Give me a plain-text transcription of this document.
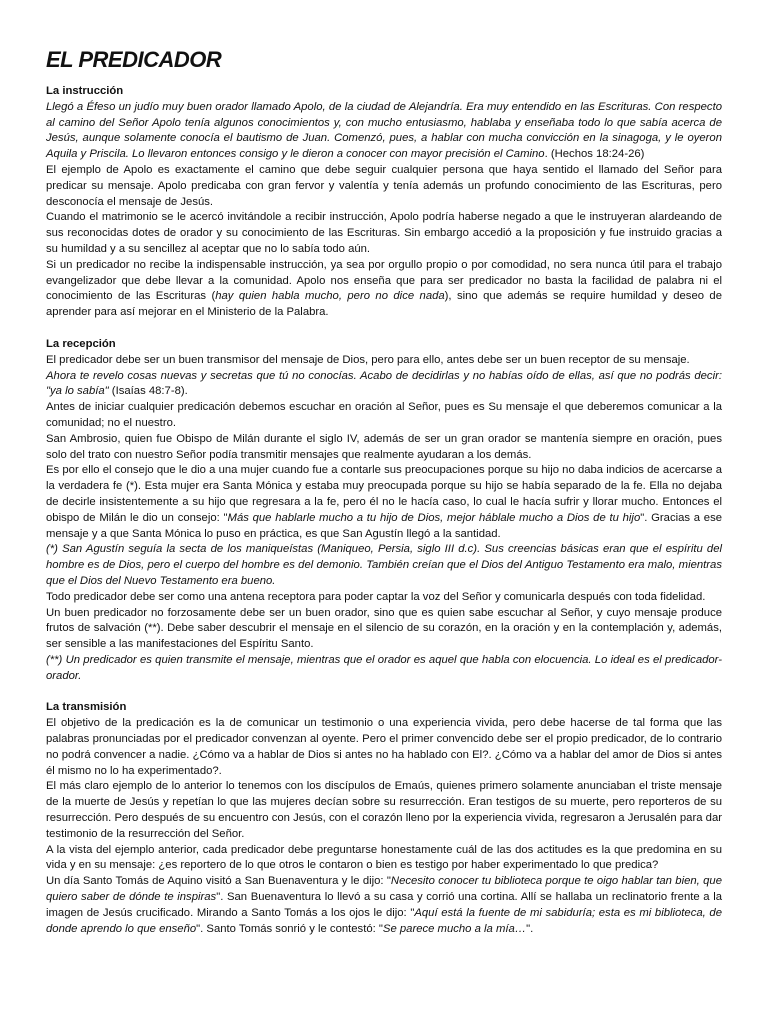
EL PREDICADOR
La instrucción

Llegó a Éfeso un judío muy buen orador llamado Apolo, de la ciudad de Alejandría. Era muy entendido en las Escrituras. Con respecto al camino del Señor Apolo tenía algunos conocimientos y, con mucho entusiasmo, hablaba y enseñaba todo lo que sabía acerca de Jesús, aunque solamente conocía el bautismo de Juan. Comenzó, pues, a hablar con mucha convicción en la sinagoga, y le oyeron Aquila y Priscila. Lo llevaron entonces consigo y le dieron a conocer con mayor precisión el Camino. (Hechos 18:24-26)

El ejemplo de Apolo es exactamente el camino que debe seguir cualquier persona que haya sentido el llamado del Señor para predicar su mensaje. Apolo predicaba con gran fervor y valentía y tenía además un profundo conocimiento de las Escrituras, pero desconocía el mensaje de Jesús.

Cuando el matrimonio se le acercó invitándole a recibir instrucción, Apolo podría haberse negado a que le instruyeran alardeando de sus reconocidas dotes de orador y su conocimiento de las Escrituras. Sin embargo accedió a la proposición y fue instruido gracias a su humildad y a su sencillez al aceptar que no lo sabía todo aún.

Si un predicador no recibe la indispensable instrucción, ya sea por orgullo propio o por comodidad, no sera nunca útil para el trabajo evangelizador que debe llevar a la comunidad. Apolo nos enseña que para ser predicador no basta la facilidad de palabra ni el conocimiento de las Escrituras (hay quien habla mucho, pero no dice nada), sino que además se require humildad y deseo de aprender para así mejorar en el Ministerio de la Palabra.

La recepción

El predicador debe ser un buen transmisor del mensaje de Dios, pero para ello, antes debe ser un buen receptor de su mensaje.

Ahora te revelo cosas nuevas y secretas que tú no conocías. Acabo de decidirlas y no habías oído de ellas, así que no podrás decir: "ya lo sabía" (Isaías 48:7-8).

Antes de iniciar cualquier predicación debemos escuchar en oración al Señor, pues es Su mensaje el que deberemos comunicar a la comunidad; no el nuestro.

San Ambrosio, quien fue Obispo de Milán durante el siglo IV, además de ser un gran orador se mantenía siempre en oración, pues solo del trato con nuestro Señor podía transmitir mensajes que realmente ayudaran a los demás.

Es por ello el consejo que le dio a una mujer cuando fue a contarle sus preocupaciones porque su hijo no daba indicios de acercarse a la verdadera fe (*). Esta mujer era Santa Mónica y estaba muy preocupada porque su hijo se había separado de la fe. Ella no dejaba de decirle insistentemente a su hijo que regresara a la fe, pero él no le hacía caso, lo cual le hacía sufrir y llorar mucho. Entonces el obispo de Milán le dio un consejo: "Más que hablarle mucho a tu hijo de Dios, mejor háblale mucho a Dios de tu hijo". Gracias a ese mensaje y a que Santa Mónica lo puso en práctica, es que San Agustín llegó a la santidad.

(*) San Agustín seguía la secta de los maniqueístas (Maniqueo, Persia, siglo III d.c). Sus creencias básicas eran que el espíritu del hombre es de Dios, pero el cuerpo del hombre es del demonio. También creían que el Dios del Antiguo Testamento era malo, mientras que el Dios del Nuevo Testamento era bueno.

Todo predicador debe ser como una antena receptora para poder captar la voz del Señor y comunicarla después con toda fidelidad.

Un buen predicador no forzosamente debe ser un buen orador, sino que es quien sabe escuchar al Señor, y cuyo mensaje produce frutos de salvación (**). Debe saber descubrir el mensaje en el silencio de su corazón, en la oración y en la contemplación y, además, ser sensible a las manifestaciones del Espíritu Santo.

(**) Un predicador es quien transmite el mensaje, mientras que el orador es aquel que habla con elocuencia. Lo ideal es el predicador-orador.

La transmisión

El objetivo de la predicación es la de comunicar un testimonio o una experiencia vivida, pero debe hacerse de tal forma que las palabras pronunciadas por el predicador convenzan al oyente. Pero el primer convencido debe ser el propio predicador, de lo contrario no podrá convencer a nadie. ¿Cómo va a hablar de Dios si antes no ha hablado con El?. ¿Cómo va a hablar del amor de Dios si antes él mismo no lo ha experimentado?.

El más claro ejemplo de lo anterior lo tenemos con los discípulos de Emaús, quienes primero solamente anunciaban el triste mensaje de la muerte de Jesús y repetían lo que las mujeres decían sobre su resurrección. Eran testigos de su muerte, pero reporteros de su resurrección. Pero después de su encuentro con Jesús, con el corazón lleno por la experiencia vivida, regresaron a Jerusalén para dar testimonio de la resurrección del Señor.

A la vista del ejemplo anterior, cada predicador debe preguntarse honestamente cuál de las dos actitudes es la que predomina en su vida y en su mensaje: ¿es reportero de lo que otros le contaron o bien es testigo por haber experimentado lo que predica?

Un día Santo Tomás de Aquino visitó a San Buenaventura y le dijo: "Necesito conocer tu biblioteca porque te oigo hablar tan bien, que quiero saber de dónde te inspiras". San Buenaventura lo llevó a su casa y corrió una cortina. Allí se hallaba un reclinatorio frente a la imagen de Jesús crucificado. Mirando a Santo Tomás a los ojos le dijo: "Aquí está la fuente de mi sabiduría; esta es mi biblioteca, de donde aprendo lo que enseño". Santo Tomás sonrió y le contestó: "Se parece mucho a la mía…".
